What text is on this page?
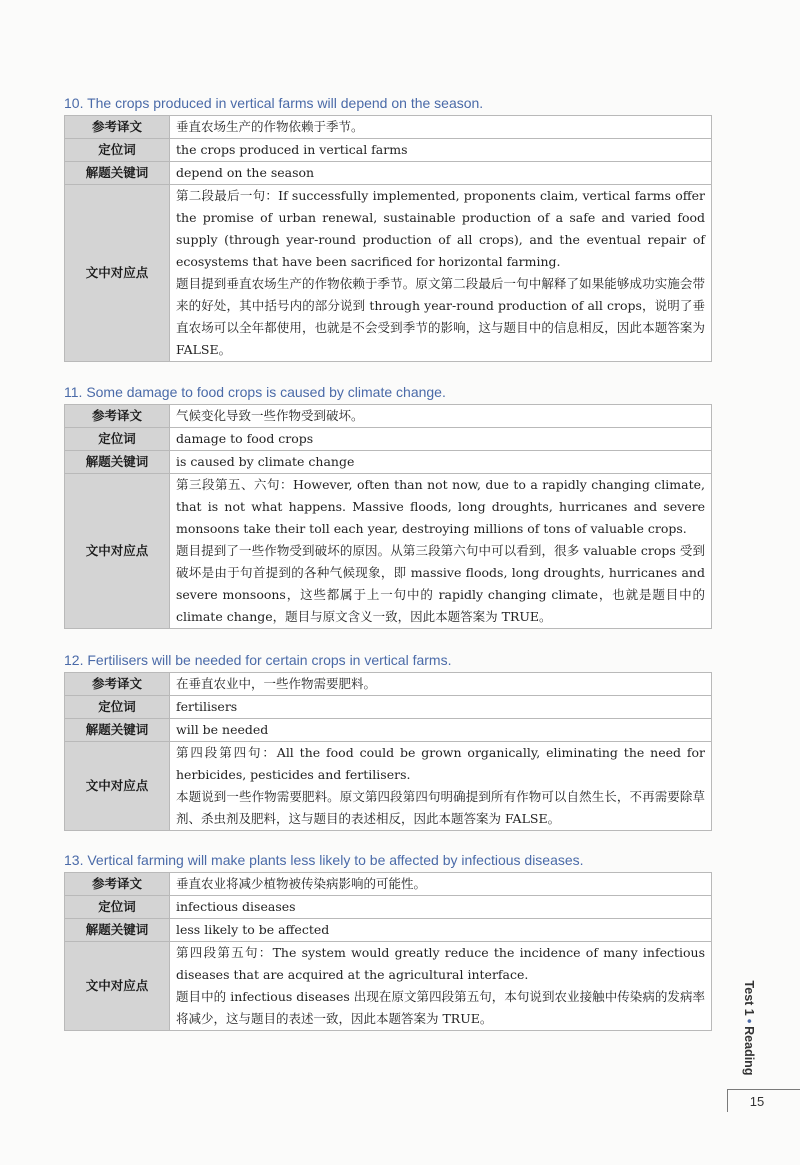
10. The crops produced in vertical farms will depend on the season.
参考译文	垂直农场生产的作物依赖于季节。
定位词	the crops produced in vertical farms
解题关键词	depend on the season
文中对应点	第二段最后一句：If successfully implemented, proponents claim, vertical farms offer the promise of urban renewal, sustainable production of a safe and varied food supply (through year-round production of all crops), and the eventual repair of ecosystems that have been sacrificed for horizontal farming.
题目提到垂直农场生产的作物依赖于季节。原文第二段最后一句中解释了如果能够成功实施会带来的好处，其中括号内的部分说到 through year-round production of all crops，说明了垂直农场可以全年都使用，也就是不会受到季节的影响，这与题目中的信息相反，因此本题答案为 FALSE。
11. Some damage to food crops is caused by climate change.
参考译文	气候变化导致一些作物受到破坏。
定位词	damage to food crops
解题关键词	is caused by climate change
文中对应点	第三段第五、六句：However, often than not now, due to a rapidly changing climate, that is not what happens. Massive floods, long droughts, hurricanes and severe monsoons take their toll each year, destroying millions of tons of valuable crops.
题目提到了一些作物受到破坏的原因。从第三段第六句中可以看到，很多 valuable crops 受到破坏是由于句首提到的各种气候现象，即 massive floods, long droughts, hurricanes and severe monsoons，这些都属于上一句中的 rapidly changing climate，也就是题目中的 climate change，题目与原文含义一致，因此本题答案为 TRUE。
12. Fertilisers will be needed for certain crops in vertical farms.
参考译文	在垂直农业中，一些作物需要肥料。
定位词	fertilisers
解题关键词	will be needed
文中对应点	第四段第四句：All the food could be grown organically, eliminating the need for herbicides, pesticides and fertilisers.
本题说到一些作物需要肥料。原文第四段第四句明确提到所有作物可以自然生长，不再需要除草剂、杀虫剂及肥料，这与题目的表述相反，因此本题答案为 FALSE。
13. Vertical farming will make plants less likely to be affected by infectious diseases.
参考译文	垂直农业将减少植物被传染病影响的可能性。
定位词	infectious diseases
解题关键词	less likely to be affected
文中对应点	第四段第五句：The system would greatly reduce the incidence of many infectious diseases that are acquired at the agricultural interface.
题目中的 infectious diseases 出现在原文第四段第五句，本句说到农业接触中传染病的发病率将减少，这与题目的表述一致，因此本题答案为 TRUE。
Test 1•Reading
15
